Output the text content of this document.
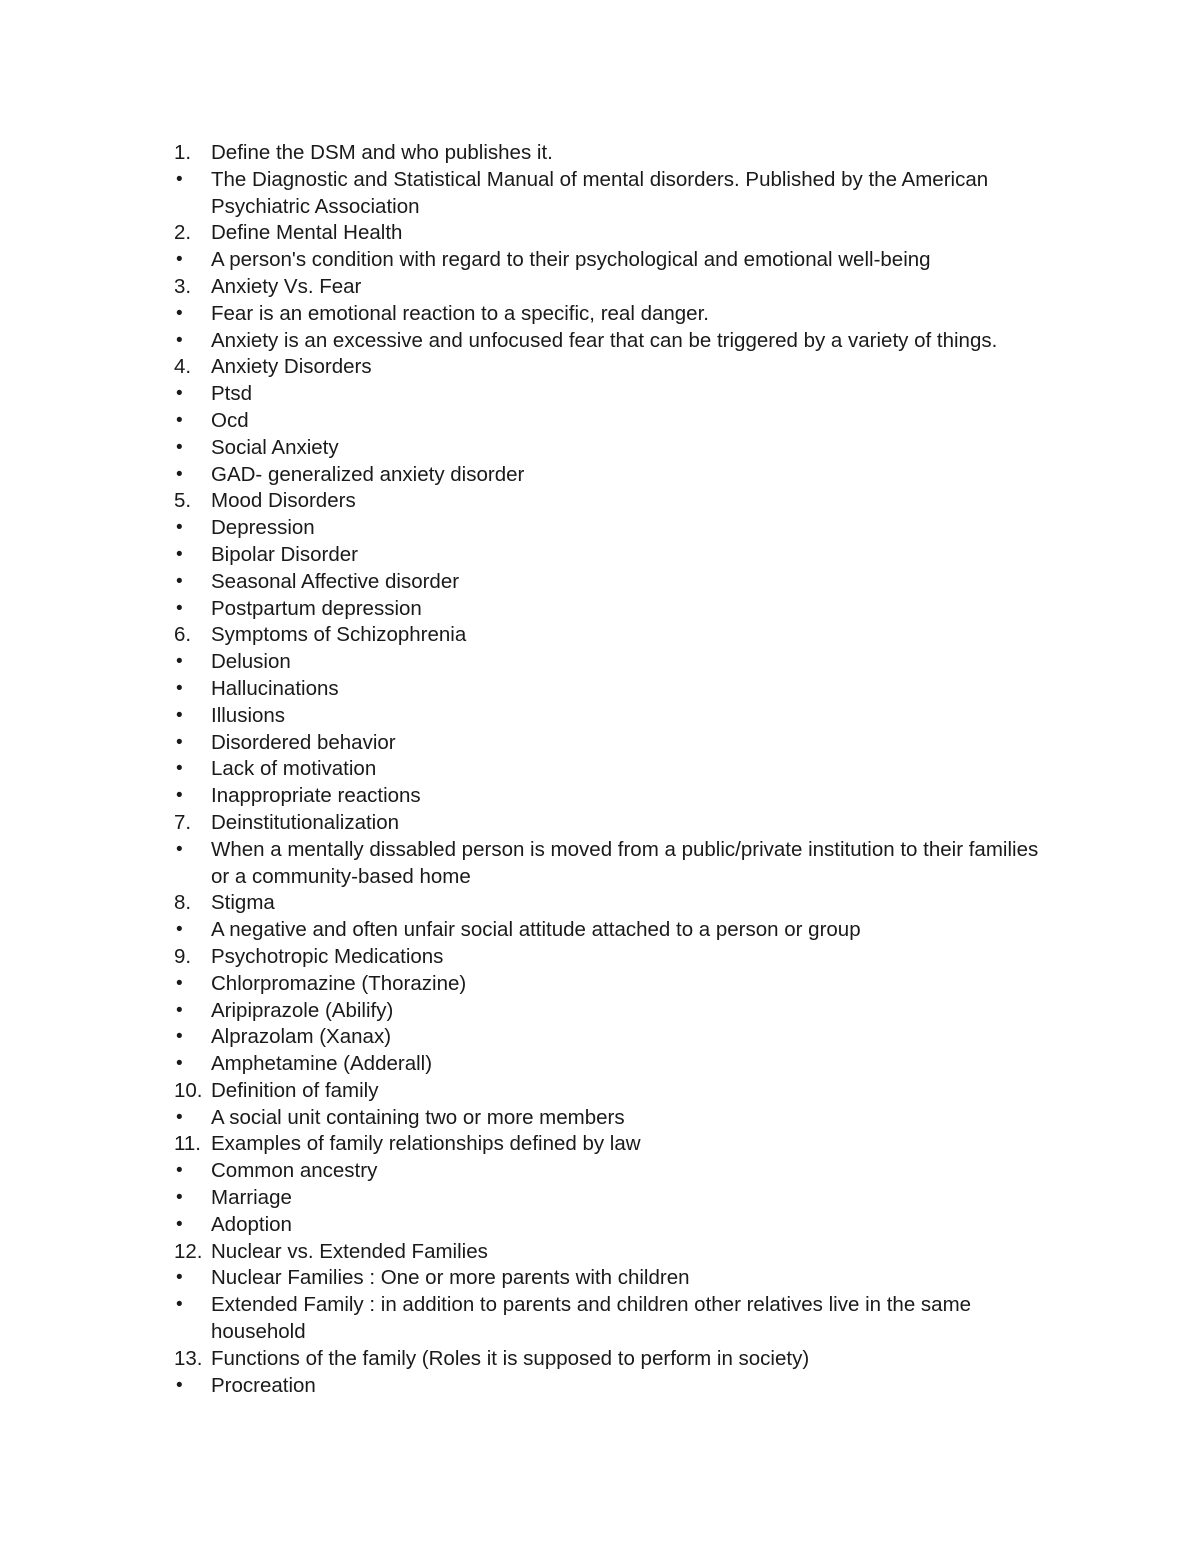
1. Define the DSM and who publishes it.
•	The Diagnostic and Statistical Manual of mental disorders. Published by the American Psychiatric Association
2. Define Mental Health
•	A person's condition with regard to their psychological and emotional well-being
3. Anxiety Vs. Fear
•	Fear is an emotional reaction to a specific, real danger.
•	Anxiety is an excessive and unfocused fear that can be triggered by a variety of things.
4. Anxiety Disorders
•	Ptsd
•	Ocd
•	Social Anxiety
•	GAD- generalized anxiety disorder
5. Mood Disorders
•	Depression
•	Bipolar Disorder
•	Seasonal Affective disorder
•	Postpartum depression
6. Symptoms of Schizophrenia
•	Delusion
•	Hallucinations
•	Illusions
•	Disordered behavior
•	Lack of motivation
•	Inappropriate reactions
7. Deinstitutionalization
•	When a mentally dissabled person is moved from a public/private institution to their families or a community-based home
8. Stigma
•	A negative and often unfair social attitude attached to a person or group
9. Psychotropic Medications
•	Chlorpromazine (Thorazine)
•	Aripiprazole (Abilify)
•	Alprazolam (Xanax)
•	Amphetamine (Adderall)
10. Definition of family
•	A social unit containing two or more members
11. Examples of family relationships defined by law
•	Common ancestry
•	Marriage
•	Adoption
12. Nuclear vs. Extended Families
•	Nuclear Families : One or more parents with children
•	Extended Family : in addition to parents and children other relatives live in the same household
13. Functions of the family (Roles it is supposed to perform in society)
•	Procreation
